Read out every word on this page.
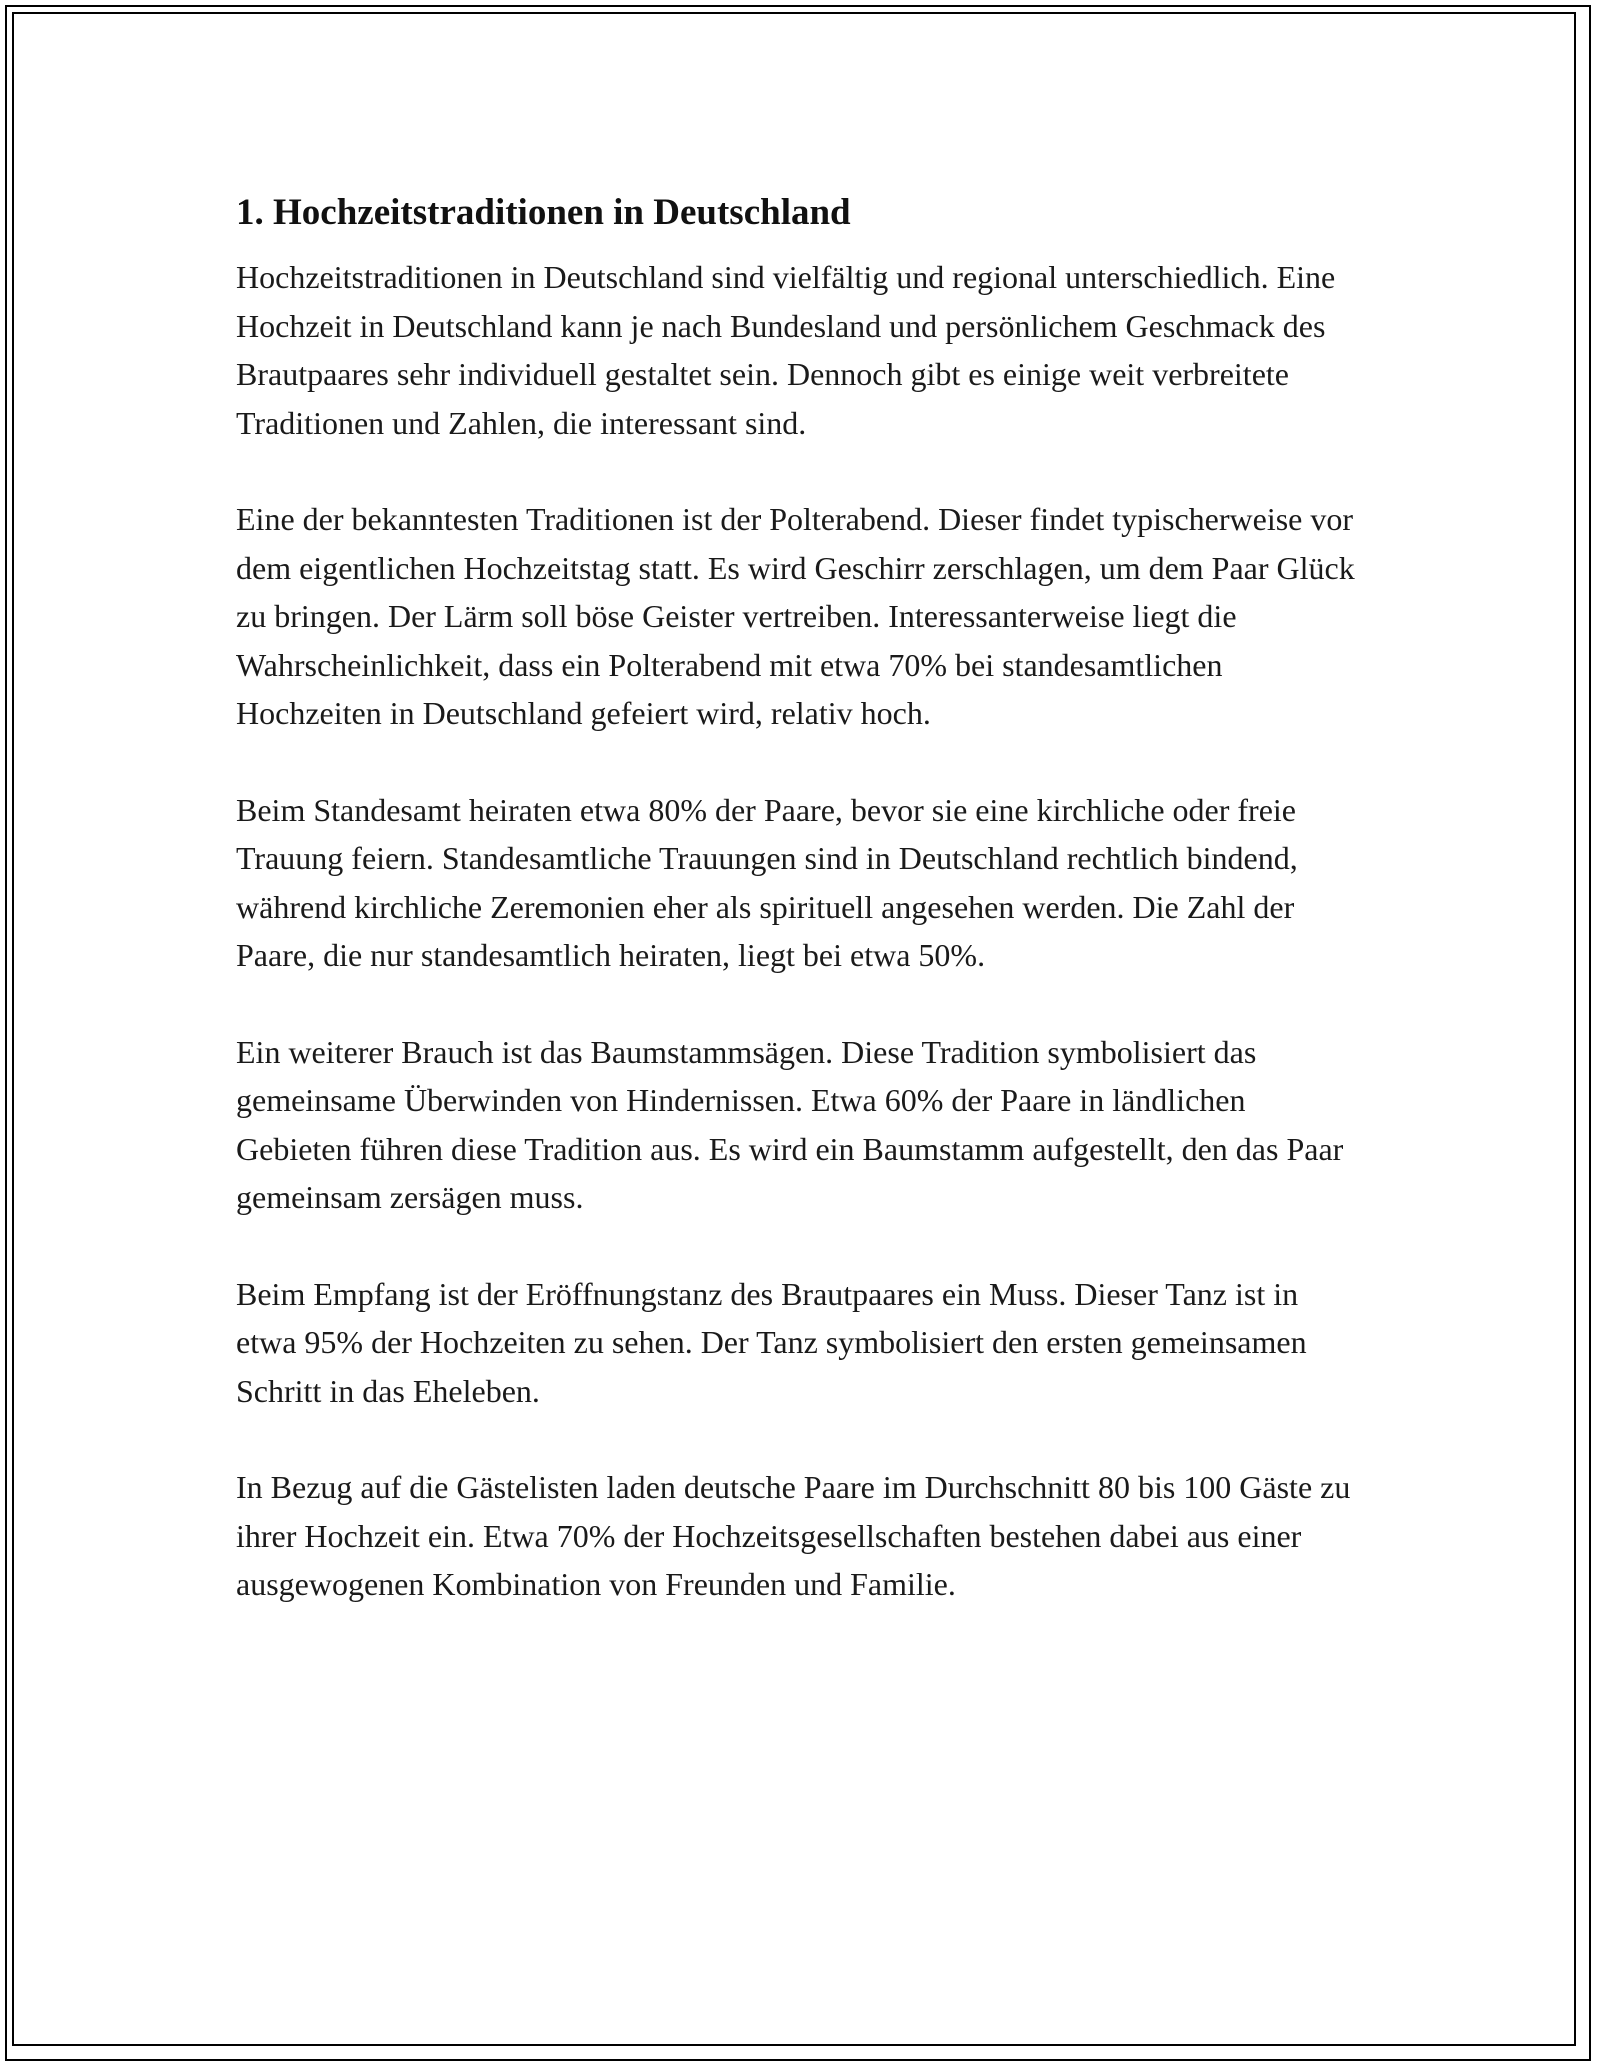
1. Hochzeitstraditionen in Deutschland

Hochzeitstraditionen in Deutschland sind vielfältig und regional unterschiedlich. Eine Hochzeit in Deutschland kann je nach Bundesland und persönlichem Geschmack des Brautpaares sehr individuell gestaltet sein. Dennoch gibt es einige weit verbreitete Traditionen und Zahlen, die interessant sind.

Eine der bekanntesten Traditionen ist der Polterabend. Dieser findet typischerweise vor dem eigentlichen Hochzeitstag statt. Es wird Geschirr zerschlagen, um dem Paar Glück zu bringen. Der Lärm soll böse Geister vertreiben. Interessanterweise liegt die Wahrscheinlichkeit, dass ein Polterabend mit etwa 70% bei standesamtlichen Hochzeiten in Deutschland gefeiert wird, relativ hoch.

Beim Standesamt heiraten etwa 80% der Paare, bevor sie eine kirchliche oder freie Trauung feiern. Standesamtliche Trauungen sind in Deutschland rechtlich bindend, während kirchliche Zeremonien eher als spirituell angesehen werden. Die Zahl der Paare, die nur standesamtlich heiraten, liegt bei etwa 50%.

Ein weiterer Brauch ist das Baumstammsägen. Diese Tradition symbolisiert das gemeinsame Überwinden von Hindernissen. Etwa 60% der Paare in ländlichen Gebieten führen diese Tradition aus. Es wird ein Baumstamm aufgestellt, den das Paar gemeinsam zersägen muss.

Beim Empfang ist der Eröffnungstanz des Brautpaares ein Muss. Dieser Tanz ist in etwa 95% der Hochzeiten zu sehen. Der Tanz symbolisiert den ersten gemeinsamen Schritt in das Eheleben.

In Bezug auf die Gästelisten laden deutsche Paare im Durchschnitt 80 bis 100 Gäste zu ihrer Hochzeit ein. Etwa 70% der Hochzeitsgesellschaften bestehen dabei aus einer ausgewogenen Kombination von Freunden und Familie.
